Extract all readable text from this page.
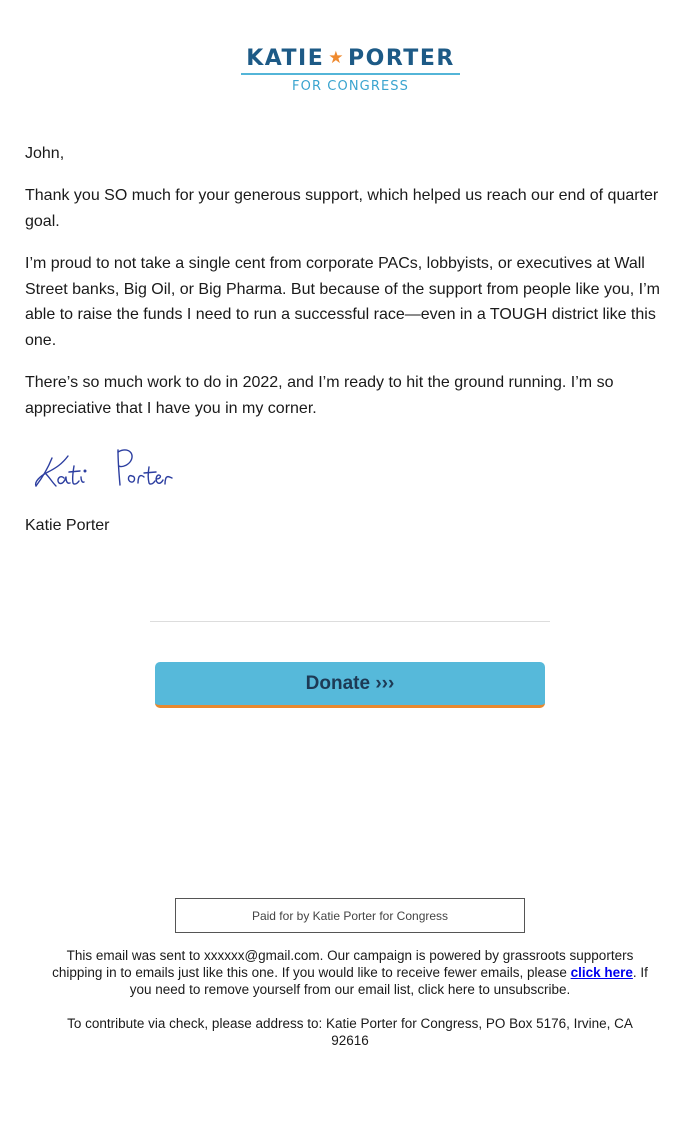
KATIE ★ PORTER
FOR CONGRESS

John,

Thank you SO much for your generous support, which helped us reach our end of quarter goal.

I’m proud to not take a single cent from corporate PACs, lobbyists, or executives at Wall Street banks, Big Oil, or Big Pharma. But because of the support from people like you, I’m able to raise the funds I need to run a successful race—even in a TOUGH district like this one.

There’s so much work to do in 2022, and I’m ready to hit the ground running. I’m so appreciative that I have you in my corner.

Katie Porter

Donate ›››
Paid for by Katie Porter for Congress

This email was sent to xxxxxx@gmail.com. Our campaign is powered by grassroots supporters chipping in to emails just like this one. If you would like to receive fewer emails, please click here. If you need to remove yourself from our email list, click here to unsubscribe.

To contribute via check, please address to: Katie Porter for Congress, PO Box 5176, Irvine, CA 92616
